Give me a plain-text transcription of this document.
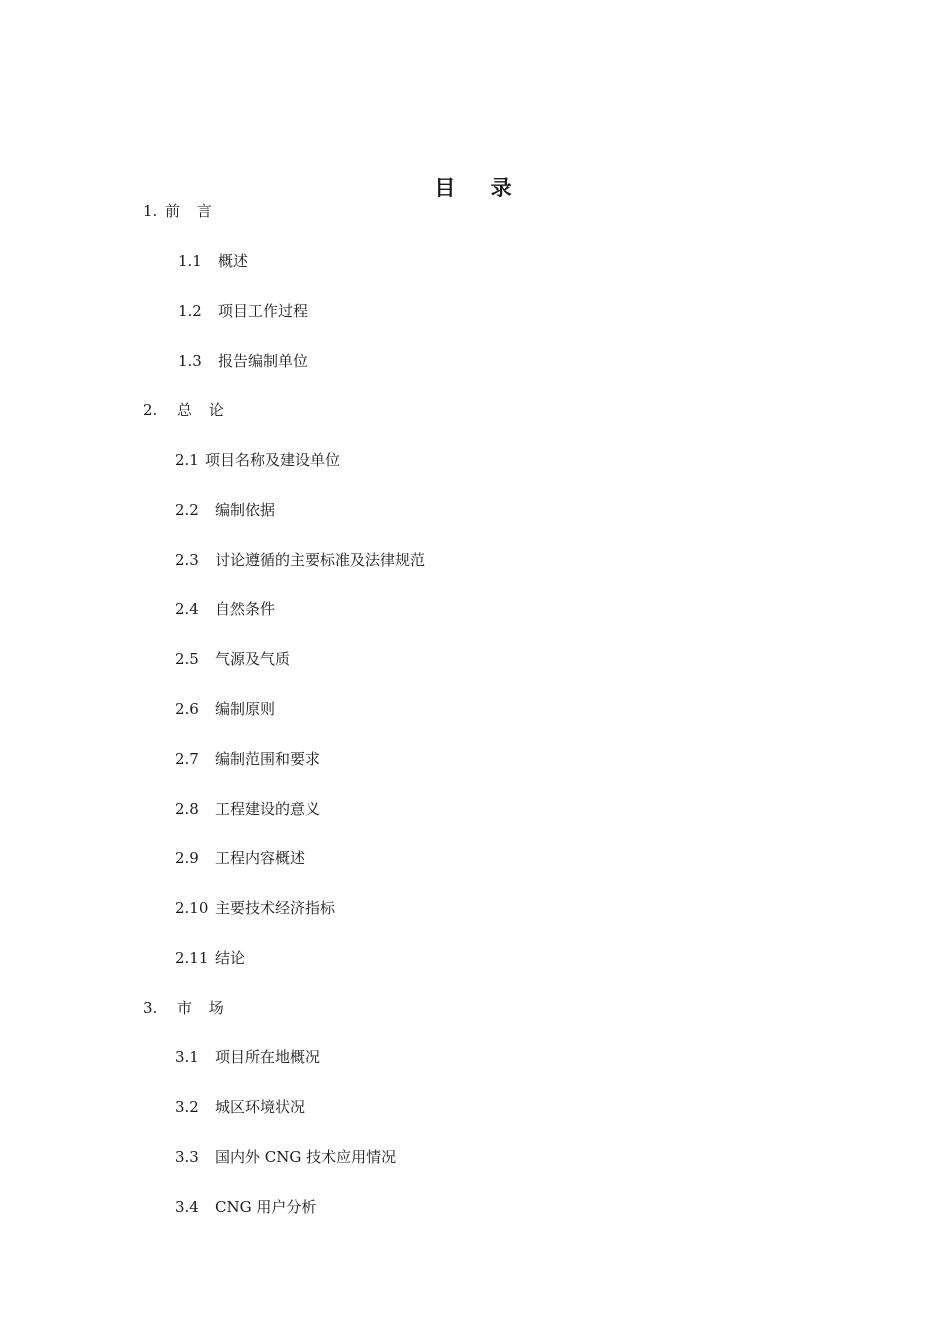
目 录
1. 前 言
1.1	概述
1.2	项目工作过程
1.3	报告编制单位
2.	总 论
2.1 项目名称及建设单位
2.2	编制依据
2.3	讨论遵循的主要标准及法律规范
2.4	自然条件
2.5	气源及气质
2.6	编制原则
2.7	编制范围和要求
2.8	工程建设的意义
2.9	工程内容概述
2.10 主要技术经济指标
2.11 结论
3.	市 场
3.1	项目所在地概况
3.2	城区环境状况
3.3	国内外 CNG 技术应用情况
3.4	CNG 用户分析
